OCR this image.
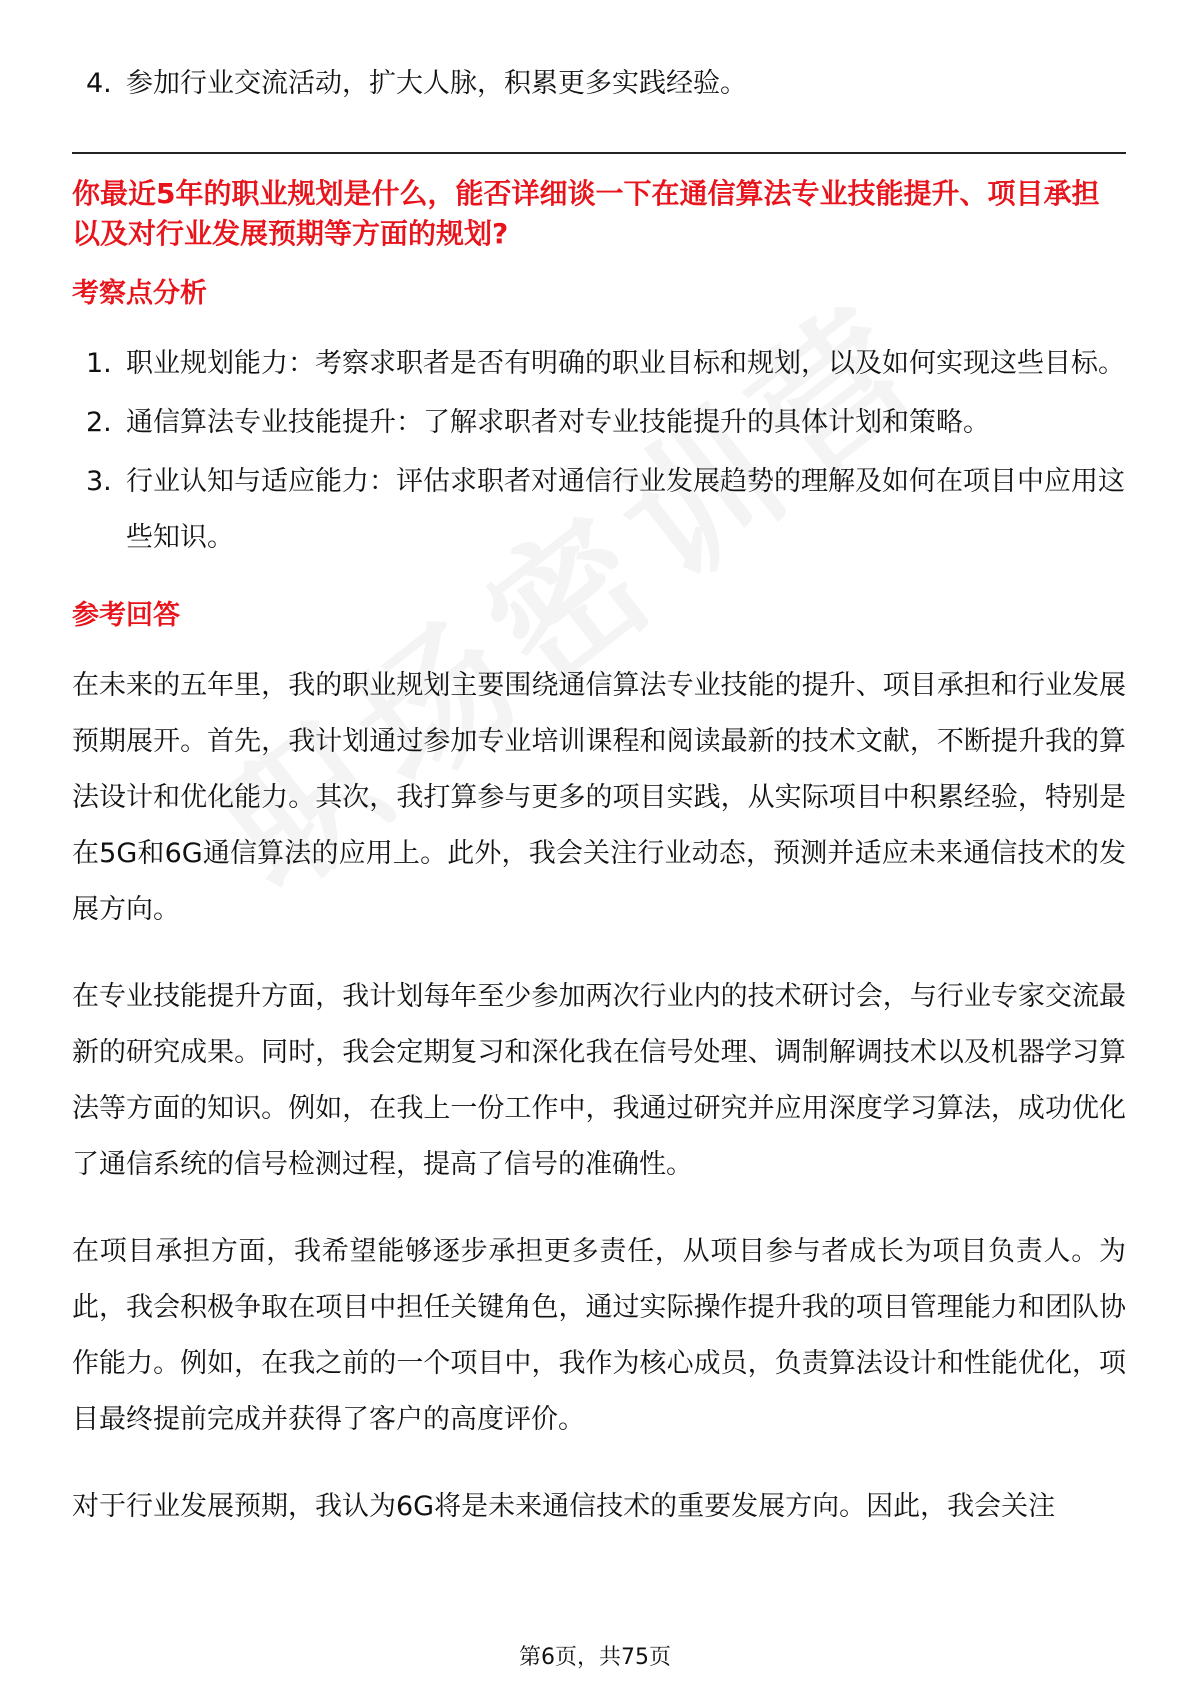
4. 参加行业交流活动，扩大人脉，积累更多实践经验。
你最近5年的职业规划是什么，能否详细谈一下在通信算法专业技能提升、项目承担以及对行业发展预期等方面的规划?
考察点分析
1. 职业规划能力：考察求职者是否有明确的职业目标和规划，以及如何实现这些目标。
2. 通信算法专业技能提升：了解求职者对专业技能提升的具体计划和策略。
3. 行业认知与适应能力：评估求职者对通信行业发展趋势的理解及如何在项目中应用这些知识。
参考回答

在未来的五年里，我的职业规划主要围绕通信算法专业技能的提升、项目承担和行业发展预期展开。首先，我计划通过参加专业培训课程和阅读最新的技术文献，不断提升我的算法设计和优化能力。其次，我打算参与更多的项目实践，从实际项目中积累经验，特别是在5G和6G通信算法的应用上。此外，我会关注行业动态，预测并适应未来通信技术的发展方向。

在专业技能提升方面，我计划每年至少参加两次行业内的技术研讨会，与行业专家交流最新的研究成果。同时，我会定期复习和深化我在信号处理、调制解调技术以及机器学习算法等方面的知识。例如，在我上一份工作中，我通过研究并应用深度学习算法，成功优化了通信系统的信号检测过程，提高了信号的准确性。

在项目承担方面，我希望能够逐步承担更多责任，从项目参与者成长为项目负责人。为此，我会积极争取在项目中担任关键角色，通过实际操作提升我的项目管理能力和团队协作能力。例如，在我之前的一个项目中，我作为核心成员，负责算法设计和性能优化，项目最终提前完成并获得了客户的高度评价。

对于行业发展预期，我认为6G将是未来通信技术的重要发展方向。因此，我会关注

第6页，共75页
